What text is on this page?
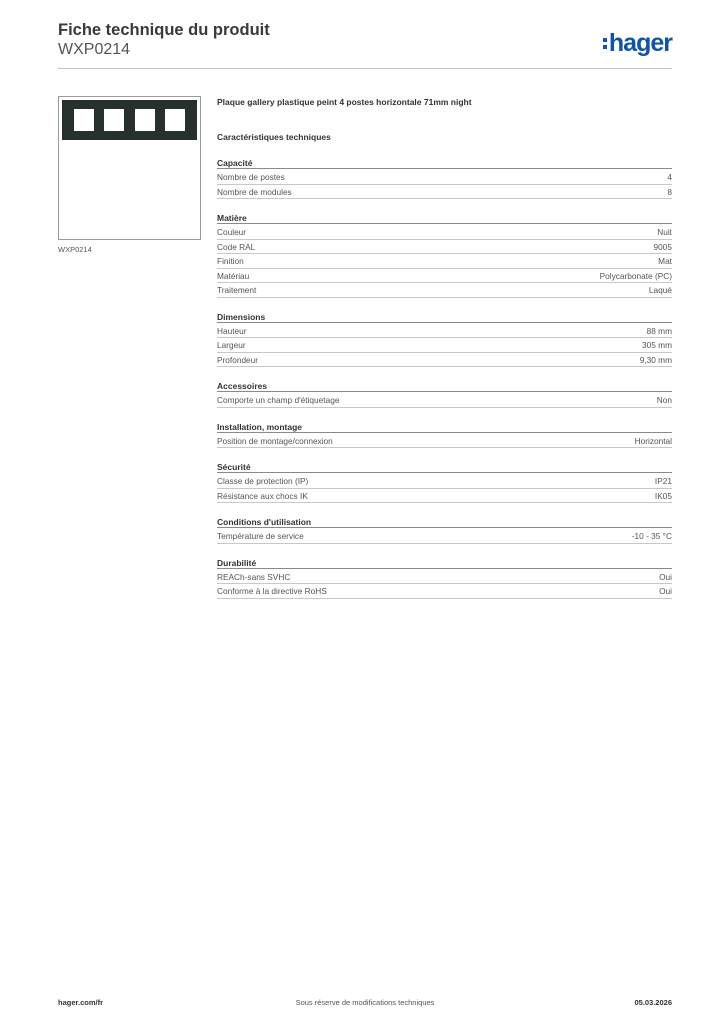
Fiche technique du produit
WXP0214	hager
WXP0214
Plaque gallery plastique peint 4 postes horizontale 71mm night
Caractéristiques techniques
Capacité
Nombre de postes	4
Nombre de modules	8
Matière
Couleur	Nuit
Code RAL	9005
Finition	Mat
Matériau	Polycarbonate (PC)
Traitement	Laqué
Dimensions
Hauteur	88 mm
Largeur	305 mm
Profondeur	9,30 mm
Accessoires
Comporte un champ d'étiquetage	Non
Installation, montage
Position de montage/connexion	Horizontal
Sécurité
Classe de protection (IP)	IP21
Résistance aux chocs IK	IK05
Conditions d'utilisation
Température de service	-10 - 35 °C
Durabilité
REACh-sans SVHC	Oui
Conforme à la directive RoHS	Oui
Sous réserve de modifications techniques
hager.com/fr	05.03.2026
